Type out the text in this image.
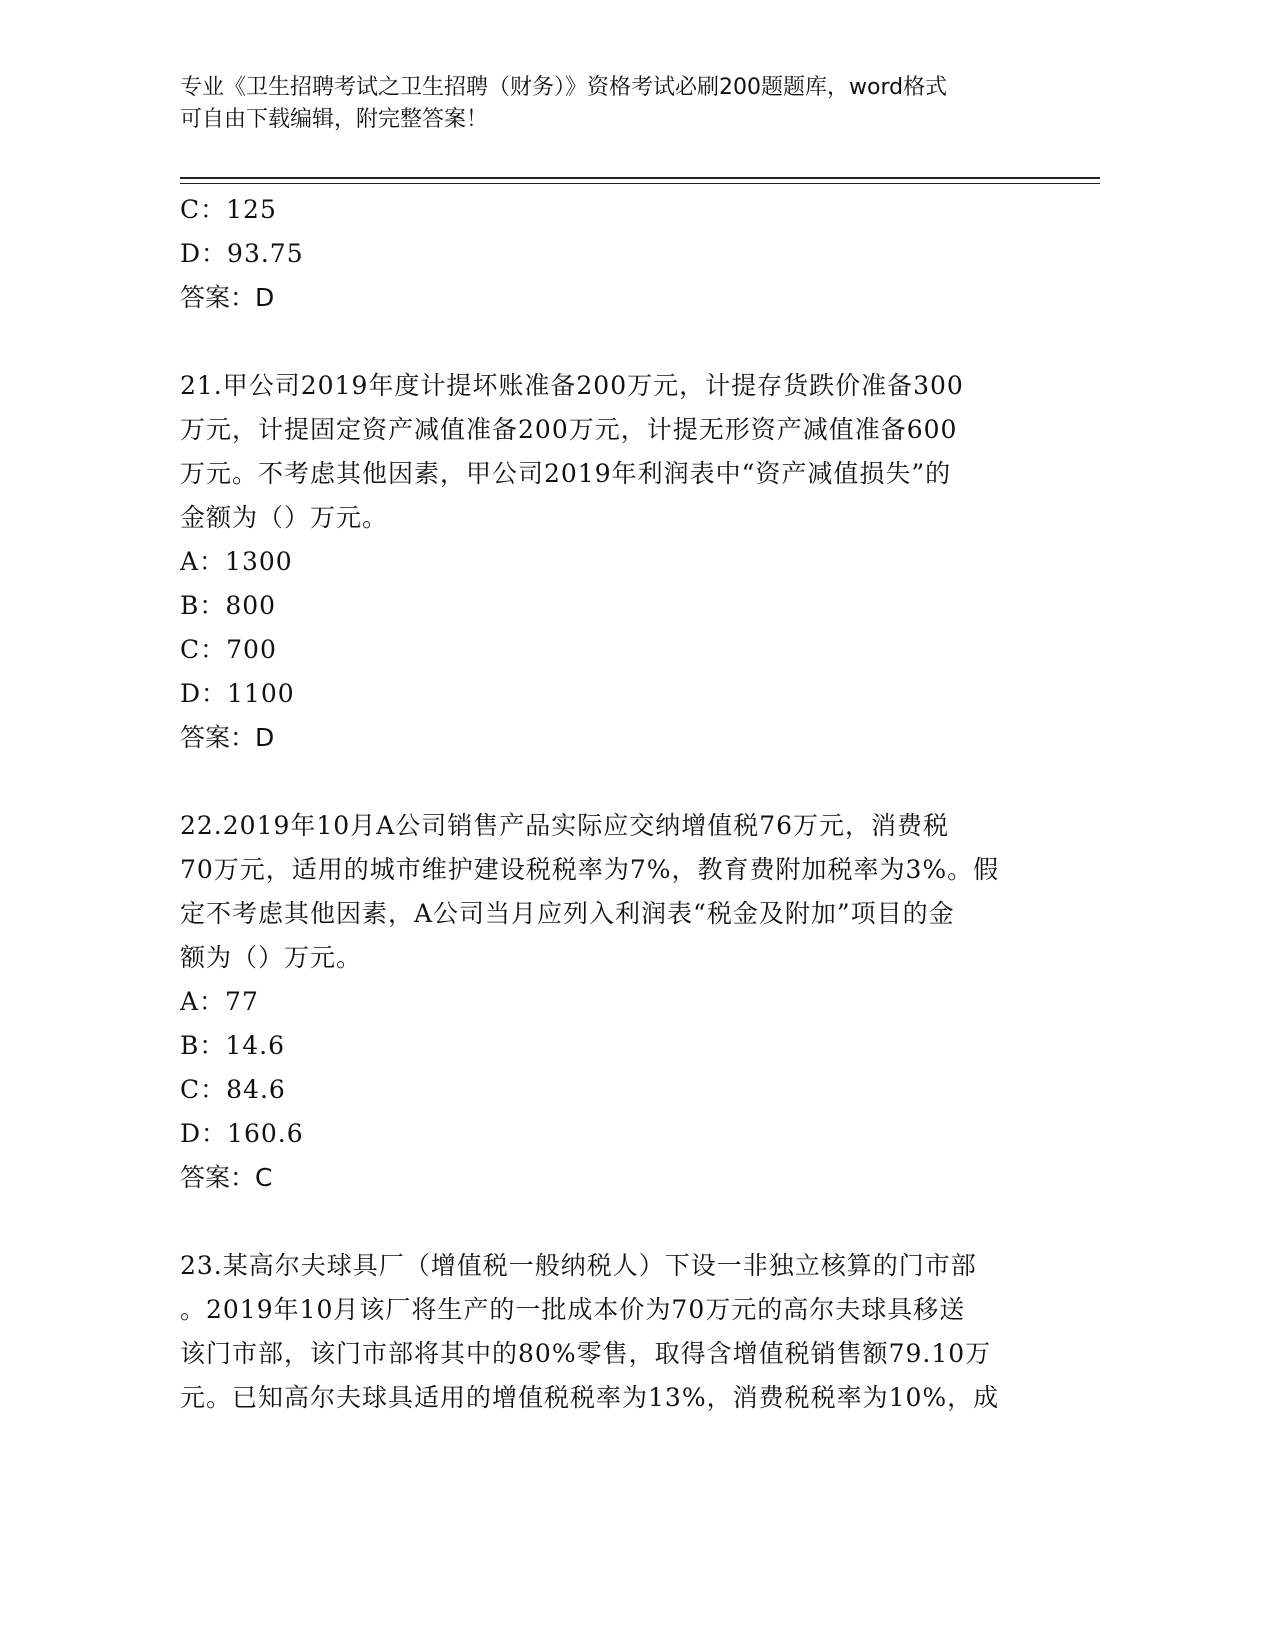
专业《卫生招聘考试之卫生招聘（财务）》资格考试必刷200题题库，word格式
可自由下载编辑，附完整答案！

C：125

D：93.75

答案：D

21.甲公司2019年度计提坏账准备200万元，计提存货跌价准备300

万元，计提固定资产减值准备200万元，计提无形资产减值准备600

万元。不考虑其他因素，甲公司2019年利润表中“资产减值损失”的

金额为（）万元。

A：1300

B：800

C：700

D：1100

答案：D

22.2019年10月A公司销售产品实际应交纳增值税76万元，消费税

70万元，适用的城市维护建设税税率为7%，教育费附加税率为3%。假

定不考虑其他因素，A公司当月应列入利润表“税金及附加”项目的金

额为（）万元。

A：77

B：14.6

C：84.6

D：160.6

答案：C

23.某高尔夫球具厂（增值税一般纳税人）下设一非独立核算的门市部

。2019年10月该厂将生产的一批成本价为70万元的高尔夫球具移送

该门市部，该门市部将其中的80%零售，取得含增值税销售额79.10万

元。已知高尔夫球具适用的增值税税率为13%，消费税税率为10%，成
